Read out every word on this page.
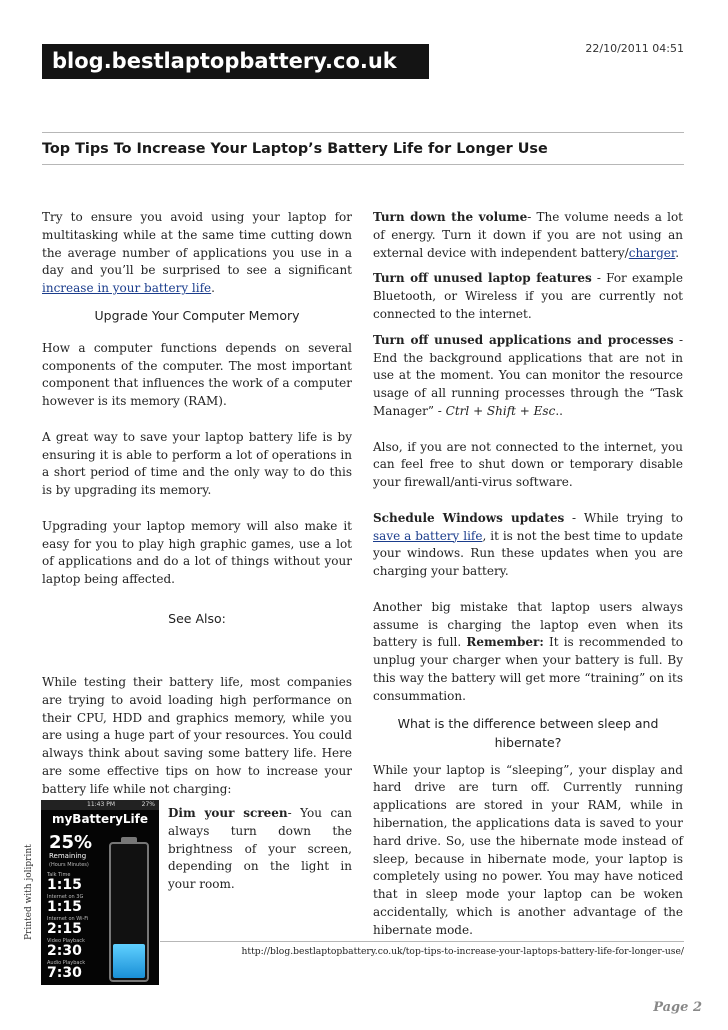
blog.bestlaptopbattery.co.uk
22/10/2011 04:51
Top Tips To Increase Your Laptop’s Battery Life for Longer Use

Try to ensure you avoid using your laptop for multitasking while at the same time cutting down the average number of applications you use in a day and you’ll be surprised to see a significant increase in your battery life.

Upgrade Your Computer Memory

How a computer functions depends on several components of the computer. The most important component that influences the work of a computer however is its memory (RAM).

A great way to save your laptop battery life is by ensuring it is able to perform a lot of operations in a short period of time and the only way to do this is by upgrading its memory.

Upgrading your laptop memory will also make it easy for you to play high graphic games, use a lot of applications and do a lot of things without your laptop being affected.

See Also:

While testing their battery life, most companies are trying to avoid loading high performance on their CPU, HDD and graphics memory, while you are using a huge part of your resources. You could always think about saving some battery life. Here are some effective tips on how to increase your battery life while not charging:

11:43 PM	27%
myBatteryLife
25%
Remaining
(Hours Minutes)
Talk Time
1:15
Internet on 3G
1:15
Internet on Wi-Fi
2:15
Video Playback
2:30
Audio Playback
7:30
Dim your screen- You can always turn down the brightness of your screen, depending on the light in your room.

Turn down the volume- The volume needs a lot of energy. Turn it down if you are not using an external device with independent battery/charger.

Turn off unused laptop features - For example Bluetooth, or Wireless if you are currently not connected to the internet.

Turn off unused applications and processes - End the background applications that are not in use at the moment. You can monitor the resource usage of all running processes through the “Task Manager” - Ctrl + Shift + Esc..

Also, if you are not connected to the internet, you can feel free to shut down or temporary disable your firewall/anti-virus software.

Schedule Windows updates - While trying to save a battery life, it is not the best time to update your windows. Run these updates when you are charging your battery.

Another big mistake that laptop users always assume is charging the laptop even when its battery is full. Remember: It is recommended to unplug your charger when your battery is full. By this way the battery will get more “training” on its consummation.

What is the difference between sleep and hibernate?

While your laptop is “sleeping”, your display and hard drive are turn off. Currently running applications are stored in your RAM, while in hibernation, the applications data is saved to your hard drive. So, use the hibernate mode instead of sleep, because in hibernate mode, your laptop is completely using no power. You may have noticed that in sleep mode your laptop can be woken accidentally, which is another advantage of the hibernate mode.

Printed with joliprint
http://blog.bestlaptopbattery.co.uk/top-tips-to-increase-your-laptops-battery-life-for-longer-use/
Page 2
